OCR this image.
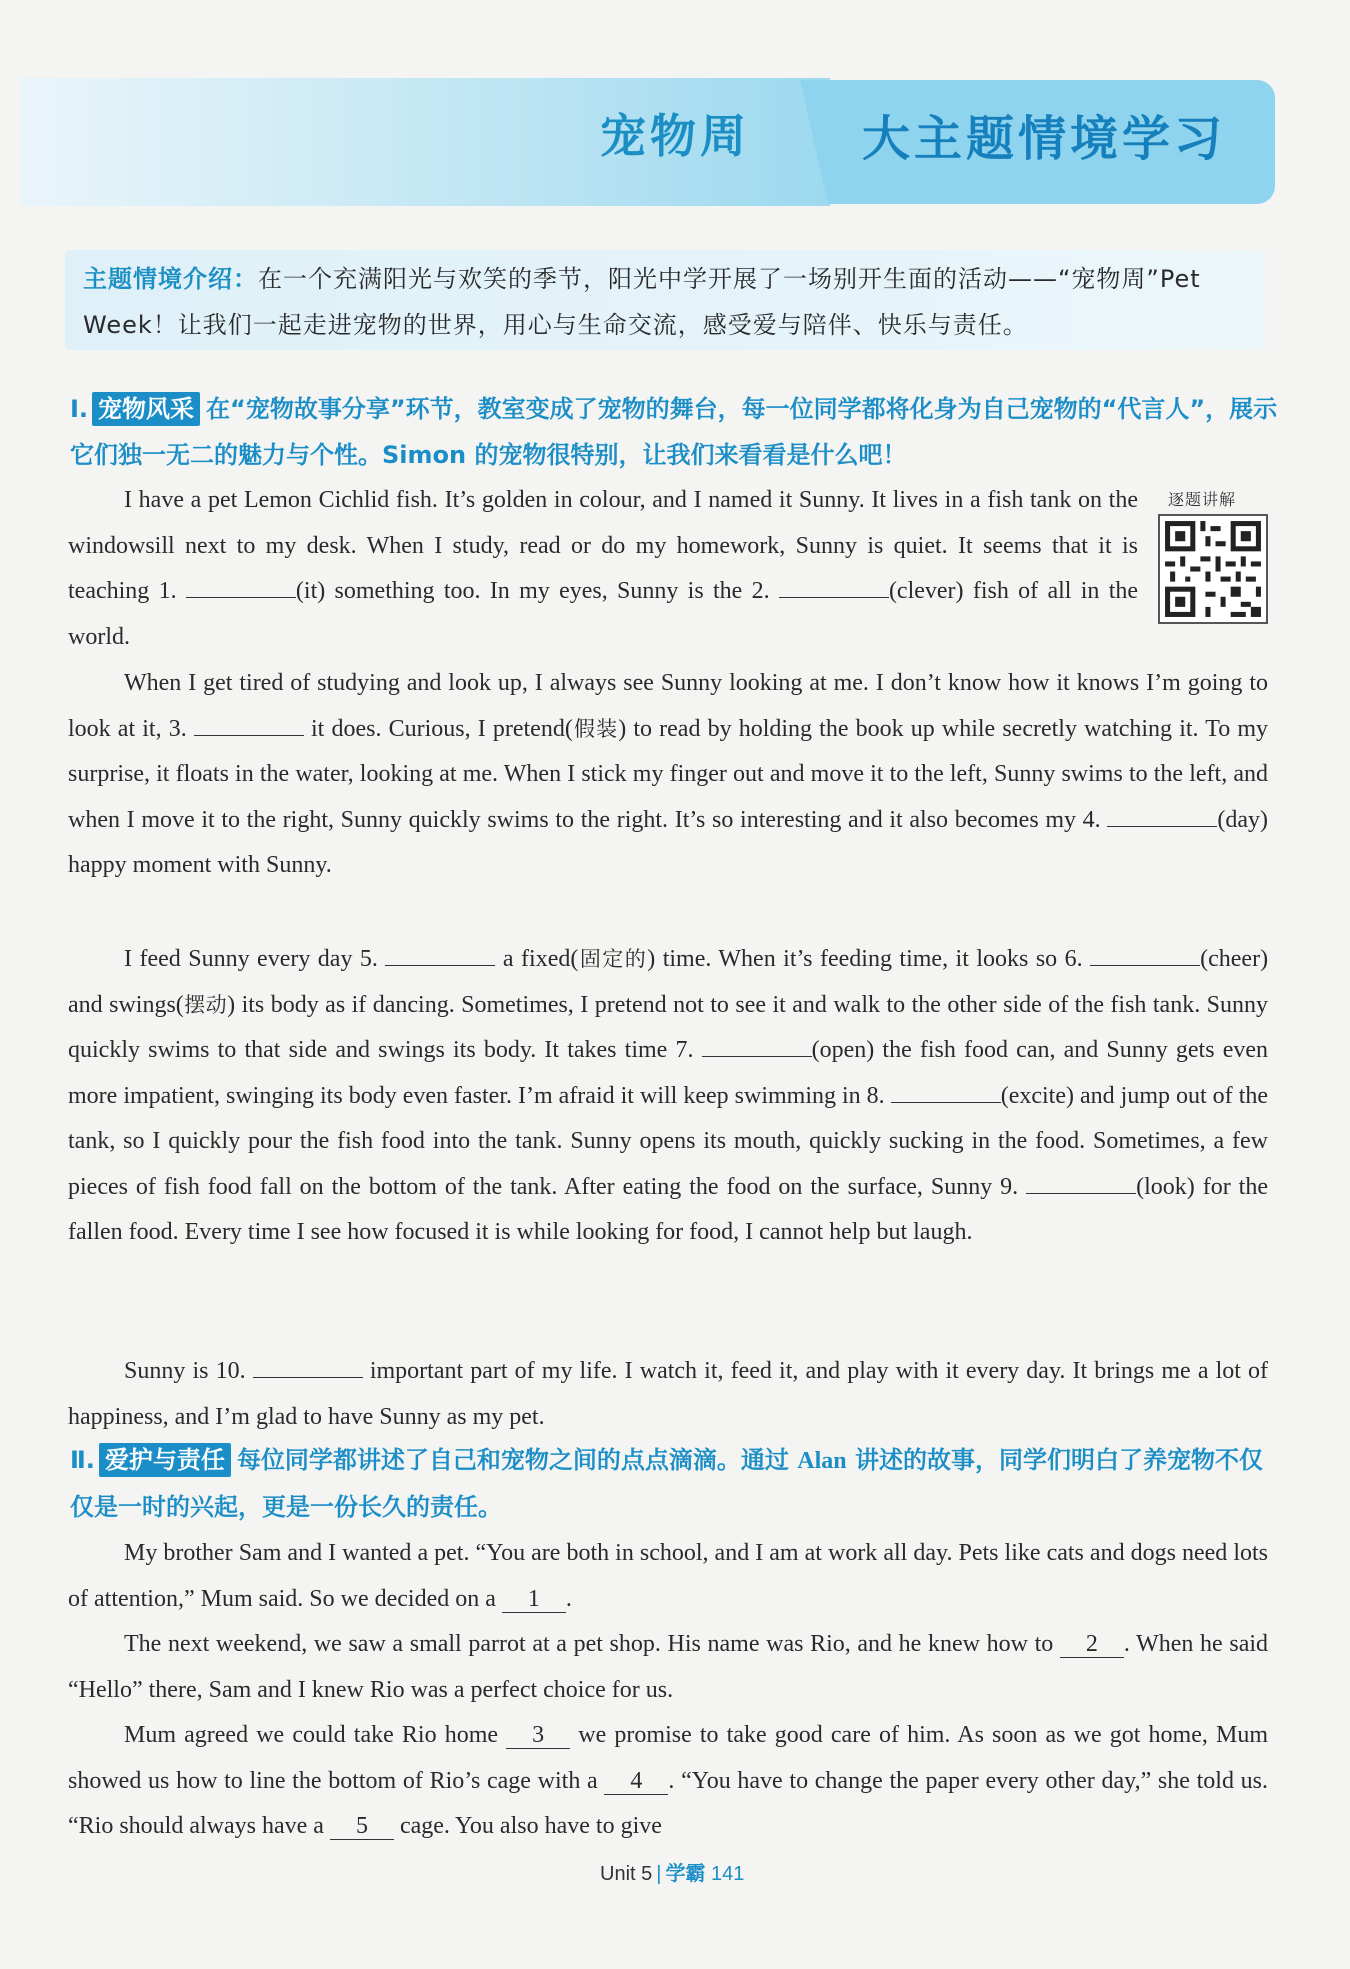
宠物周 大主题情境学习
主题情境介绍：在一个充满阳光与欢笑的季节，阳光中学开展了一场别开生面的活动——“宠物周”Pet Week！让我们一起走进宠物的世界，用心与生命交流，感受爱与陪伴、快乐与责任。
Ⅰ. 宠物风采 在“宠物故事分享”环节，教室变成了宠物的舞台，每一位同学都将化身为自己宠物的“代言人”，展示它们独一无二的魅力与个性。Simon 的宠物很特别，让我们来看看是什么吧！
逐题讲解
I have a pet Lemon Cichlid fish. It’s golden in colour, and I named it Sunny. It lives in a fish tank on the windowsill next to my desk. When I study, read or do my homework, Sunny is quiet. It seems that it is teaching 1.	(it) something too. In my eyes, Sunny is the 2.	(clever) fish of all in the world.
When I get tired of studying and look up, I always see Sunny looking at me. I don’t know how it knows I’m going to look at it, 3.	it does. Curious, I pretend(假装) to read by holding the book up while secretly watching it. To my surprise, it floats in the water, looking at me. When I stick my finger out and move it to the left, Sunny swims to the left, and when I move it to the right, Sunny quickly swims to the right. It’s so interesting and it also becomes my 4.	(day) happy moment with Sunny.
I feed Sunny every day 5.	a fixed(固定的) time. When it’s feeding time, it looks so 6.	(cheer) and swings(摆动) its body as if dancing. Sometimes, I pretend not to see it and walk to the other side of the fish tank. Sunny quickly swims to that side and swings its body. It takes time 7.	(open) the fish food can, and Sunny gets even more impatient, swinging its body even faster. I’m afraid it will keep swimming in 8.	(excite) and jump out of the tank, so I quickly pour the fish food into the tank. Sunny opens its mouth, quickly sucking in the food. Sometimes, a few pieces of fish food fall on the bottom of the tank. After eating the food on the surface, Sunny 9.	(look) for the fallen food. Every time I see how focused it is while looking for food, I cannot help but laugh.

Sunny is 10.	important part of my life. I watch it, feed it, and play with it every day. It brings me a lot of happiness, and I’m glad to have Sunny as my pet.
Ⅱ. 爱护与责任 每位同学都讲述了自己和宠物之间的点点滴滴。通过 Alan 讲述的故事，同学们明白了养宠物不仅仅是一时的兴起，更是一份长久的责任。
My brother Sam and I wanted a pet. “You are both in school, and I am at work all day. Pets like cats and dogs need lots of attention,” Mum said. So we decided on a 1 .
The next weekend, we saw a small parrot at a pet shop. His name was Rio, and he knew how to 2 . When he said “Hello” there, Sam and I knew Rio was a perfect choice for us.
Mum agreed we could take Rio home 3 we promise to take good care of him. As soon as we got home, Mum showed us how to line the bottom of Rio’s cage with a 4 . “You have to change the paper every other day,” she told us. “Rio should always have a 5 cage. You also have to give
Unit 5 | 学霸 141
